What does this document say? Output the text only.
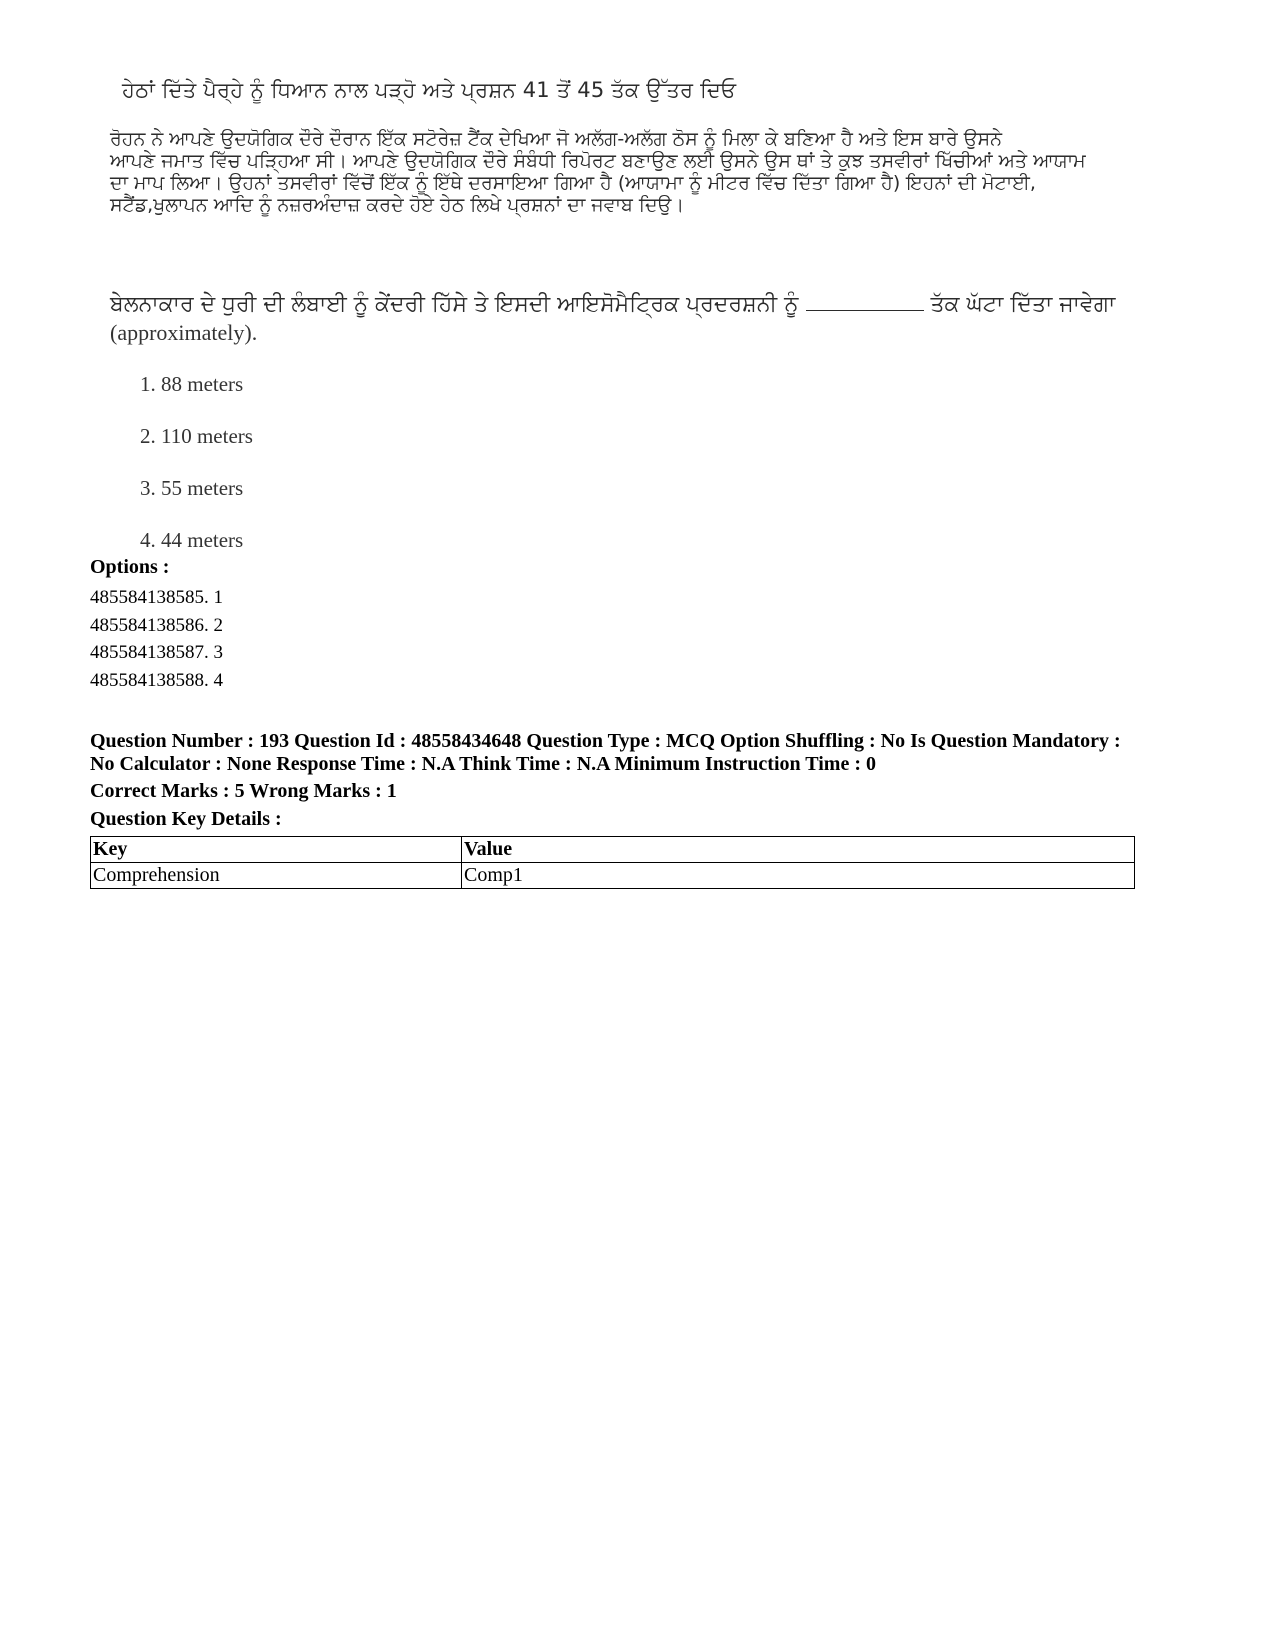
ਹੇਠਾਂ ਦਿੱਤੇ ਪੈਰ੍ਹੇ ਨੂੰ ਧਿਆਨ ਨਾਲ ਪੜ੍ਹੋ ਅਤੇ ਪ੍ਰਸ਼ਨ 41 ਤੋਂ 45 ਤੱਕ ਉੱਤਰ ਦਿਓ
ਰੋਹਨ ਨੇ ਆਪਣੇ ਉਦਯੋਗਿਕ ਦੌਰੇ ਦੌਰਾਨ ਇੱਕ ਸਟੋਰੇਜ਼ ਟੈਂਕ ਦੇਖਿਆ ਜੋ ਅਲੱਗ-ਅਲੱਗ ਠੋਸ ਨੂੰ ਮਿਲਾ ਕੇ ਬਣਿਆ ਹੈ ਅਤੇ ਇਸ ਬਾਰੇ ਉਸਨੇ
ਆਪਣੇ ਜਮਾਤ ਵਿੱਚ ਪੜ੍ਹਿਆ ਸੀ। ਆਪਣੇ ਉਦਯੋਗਿਕ ਦੌਰੇ ਸੰਬੰਧੀ ਰਿਪੋਰਟ ਬਣਾਉਣ ਲਈ ਉਸਨੇ ਉਸ ਥਾਂ ਤੇ ਕੁਝ ਤਸਵੀਰਾਂ ਖਿੱਚੀਆਂ ਅਤੇ ਆਯਾਮ
ਦਾ ਮਾਪ ਲਿਆ। ਉਹਨਾਂ ਤਸਵੀਰਾਂ ਵਿੱਚੋਂ ਇੱਕ ਨੂੰ ਇੱਥੇ ਦਰਸਾਇਆ ਗਿਆ ਹੈ (ਆਯਾਮਾ ਨੂੰ ਮੀਟਰ ਵਿੱਚ ਦਿੱਤਾ ਗਿਆ ਹੈ) ਇਹਨਾਂ ਦੀ ਮੋਟਾਈ,
ਸਟੈਂਡ,ਖੁਲਾਪਨ ਆਦਿ ਨੂੰ ਨਜ਼ਰਅੰਦਾਜ਼ ਕਰਦੇ ਹੋਏ ਹੇਠ ਲਿਖੇ ਪ੍ਰਸ਼ਨਾਂ ਦਾ ਜਵਾਬ ਦਿਉ।
ਬੇਲਨਾਕਾਰ ਦੇ ਧੁਰੀ ਦੀ ਲੰਬਾਈ ਨੂੰ ਕੇਂਦਰੀ ਹਿੱਸੇ ਤੇ ਇਸਦੀ ਆਇਸੋਮੈਟ੍ਰਿਕ ਪ੍ਰਦਰਸ਼ਨੀ ਨੂੰ	ਤੱਕ ਘੱਟਾ ਦਿੱਤਾ ਜਾਵੇਗਾ
(approximately).
1. 88 meters
2. 110 meters
3. 55 meters
4. 44 meters
Options :
485584138585. 1
485584138586. 2
485584138587. 3
485584138588. 4
Question Number : 193 Question Id : 48558434648 Question Type : MCQ Option Shuffling : No Is Question Mandatory :
No Calculator : None Response Time : N.A Think Time : N.A Minimum Instruction Time : 0
Correct Marks : 5 Wrong Marks : 1
Question Key Details :
Key	Value
Comprehension	Comp1
